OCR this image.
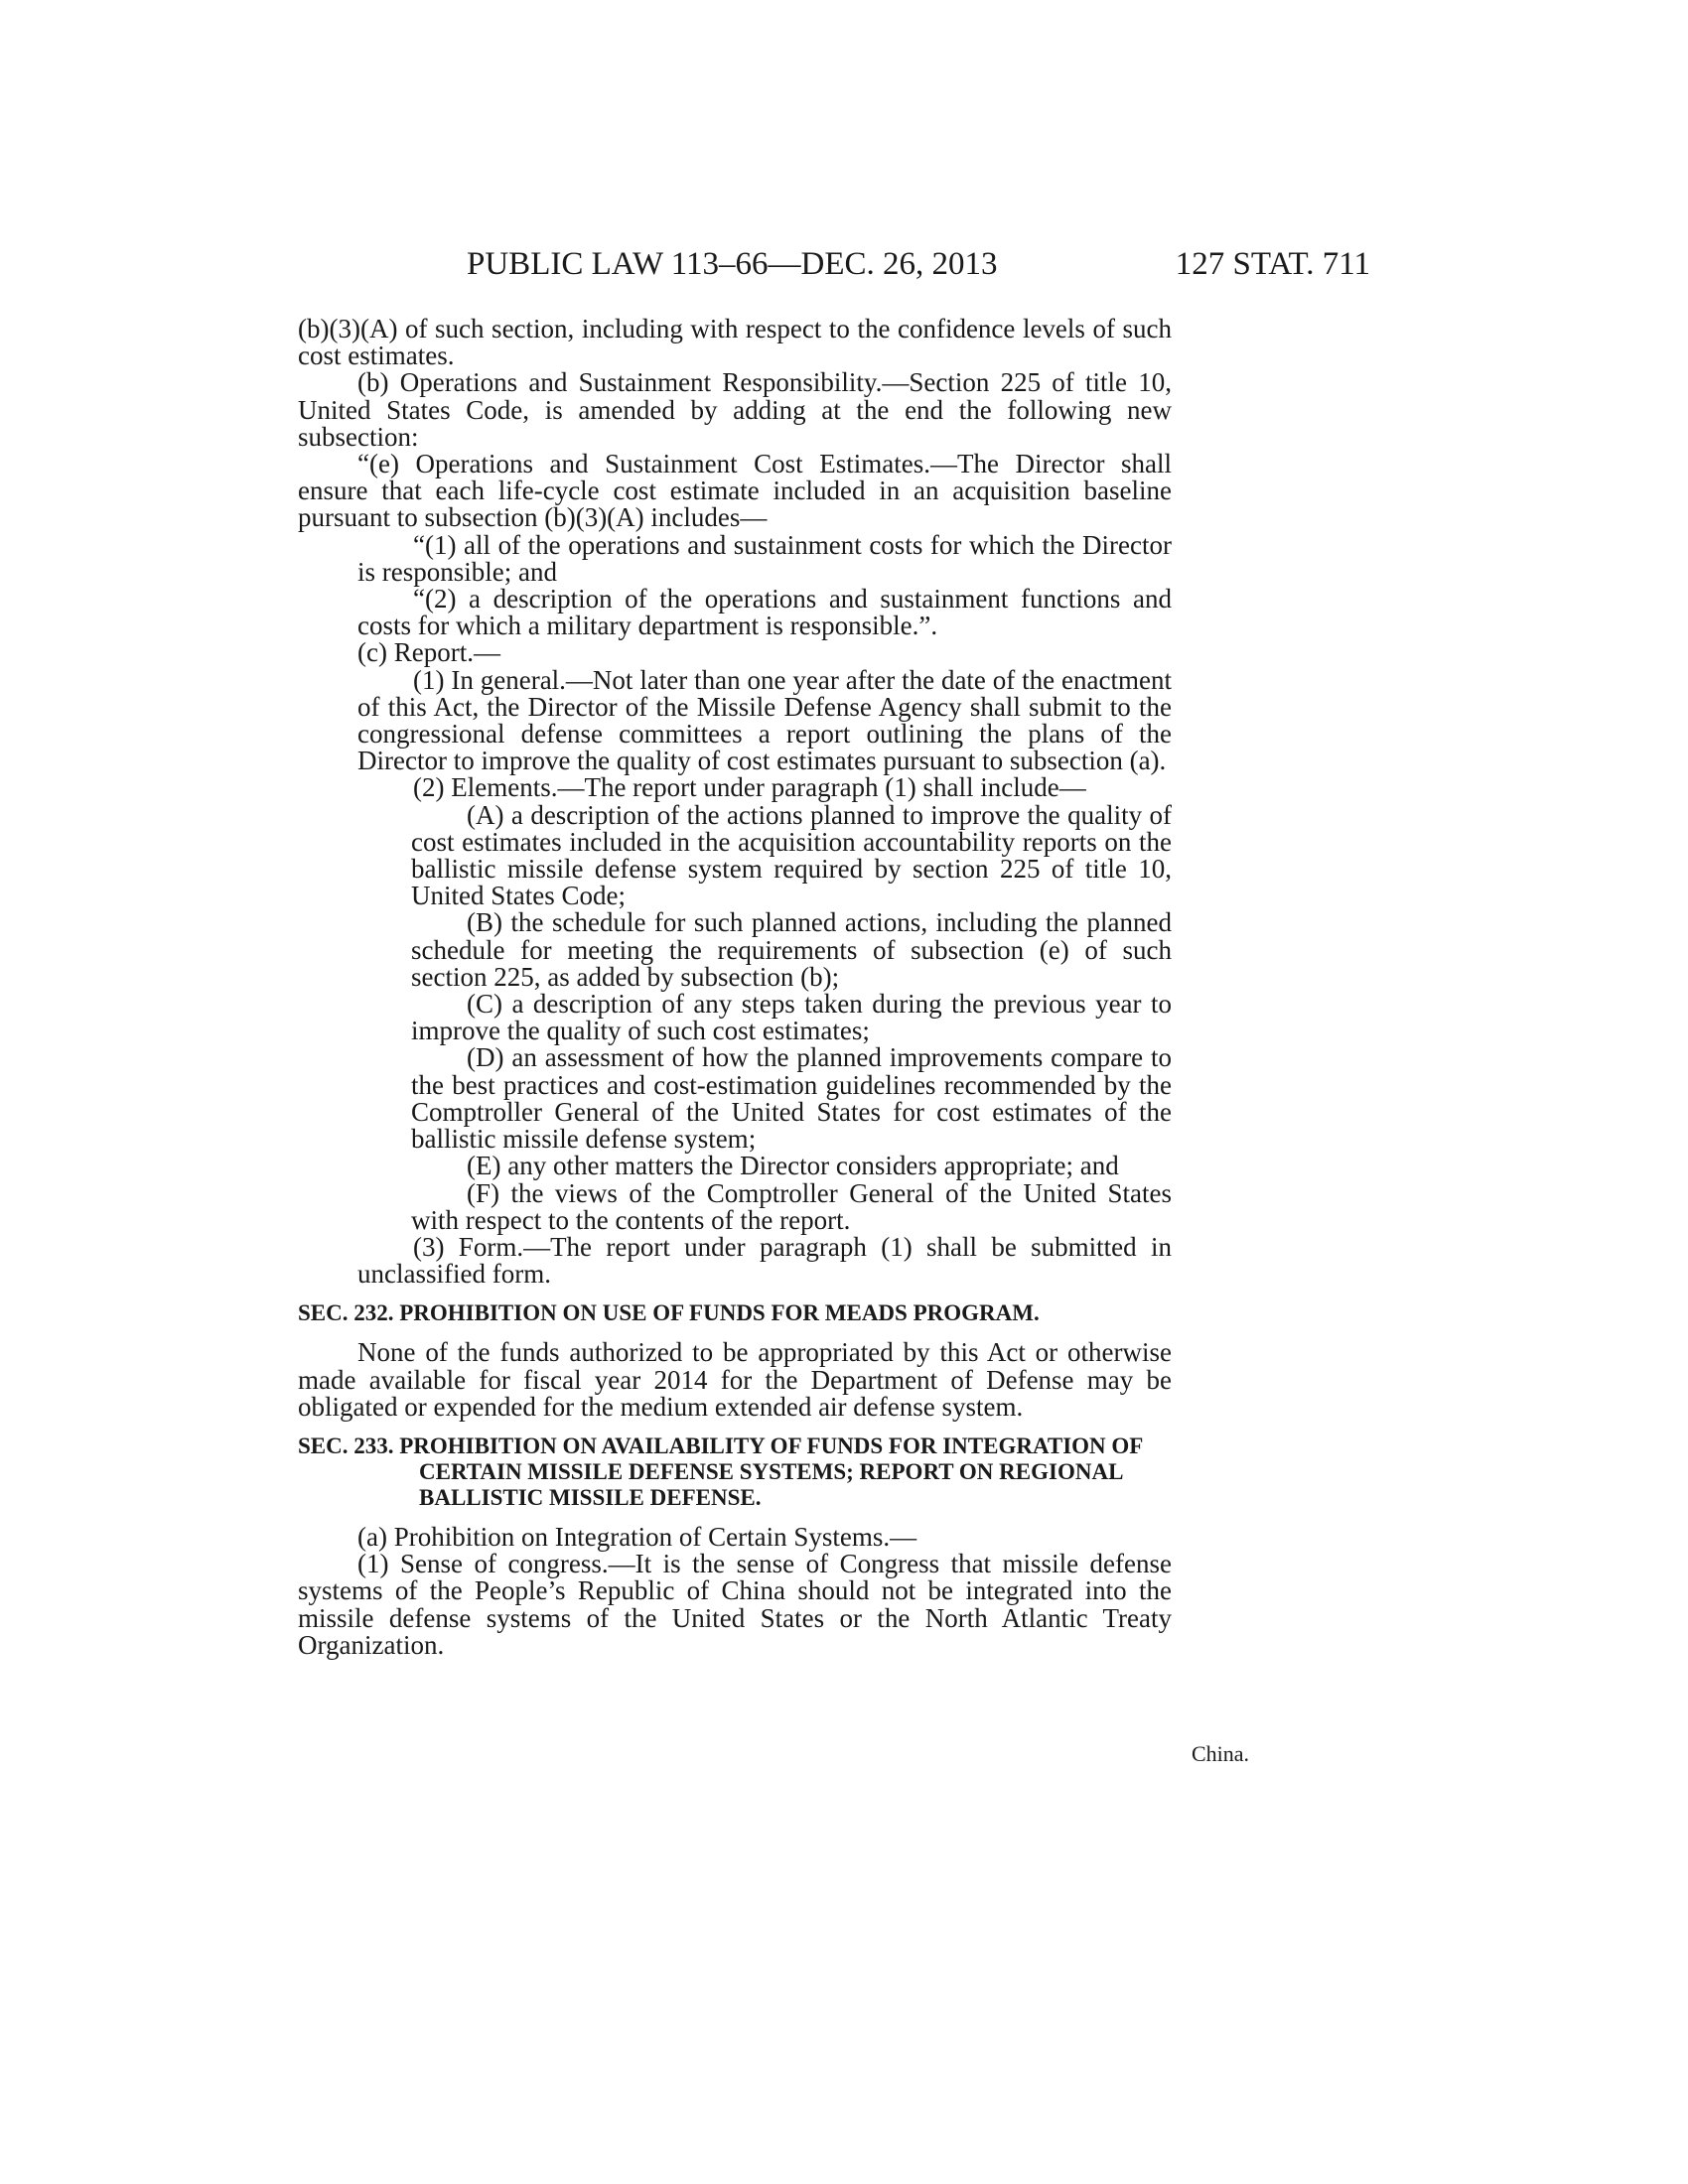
PUBLIC LAW 113–66—DEC. 26, 2013	127 STAT. 711

(b)(3)(A) of such section, including with respect to the confidence levels of such cost estimates.

(b) Operations and Sustainment Responsibility.—Section 225 of title 10, United States Code, is amended by adding at the end the following new subsection:

“(e) Operations and Sustainment Cost Estimates.—The Director shall ensure that each life-cycle cost estimate included in an acquisition baseline pursuant to subsection (b)(3)(A) includes—

“(1) all of the operations and sustainment costs for which the Director is responsible; and

“(2) a description of the operations and sustainment functions and costs for which a military department is responsible.”.

(c) Report.—

(1) In general.—Not later than one year after the date of the enactment of this Act, the Director of the Missile Defense Agency shall submit to the congressional defense committees a report outlining the plans of the Director to improve the quality of cost estimates pursuant to subsection (a).

(2) Elements.—The report under paragraph (1) shall include—

(A) a description of the actions planned to improve the quality of cost estimates included in the acquisition accountability reports on the ballistic missile defense system required by section 225 of title 10, United States Code;

(B) the schedule for such planned actions, including the planned schedule for meeting the requirements of subsection (e) of such section 225, as added by subsection (b);

(C) a description of any steps taken during the previous year to improve the quality of such cost estimates;

(D) an assessment of how the planned improvements compare to the best practices and cost-estimation guidelines recommended by the Comptroller General of the United States for cost estimates of the ballistic missile defense system;

(E) any other matters the Director considers appropriate; and

(F) the views of the Comptroller General of the United States with respect to the contents of the report.

(3) Form.—The report under paragraph (1) shall be submitted in unclassified form.

SEC. 232. PROHIBITION ON USE OF FUNDS FOR MEADS PROGRAM.

None of the funds authorized to be appropriated by this Act or otherwise made available for fiscal year 2014 for the Department of Defense may be obligated or expended for the medium extended air defense system.

SEC. 233. PROHIBITION ON AVAILABILITY OF FUNDS FOR INTEGRATION OF CERTAIN MISSILE DEFENSE SYSTEMS; REPORT ON REGIONAL BALLISTIC MISSILE DEFENSE.

(a) Prohibition on Integration of Certain Systems.—

(1) Sense of congress.—It is the sense of Congress that missile defense systems of the People’s Republic of China should not be integrated into the missile defense systems of the United States or the North Atlantic Treaty Organization.

China.
